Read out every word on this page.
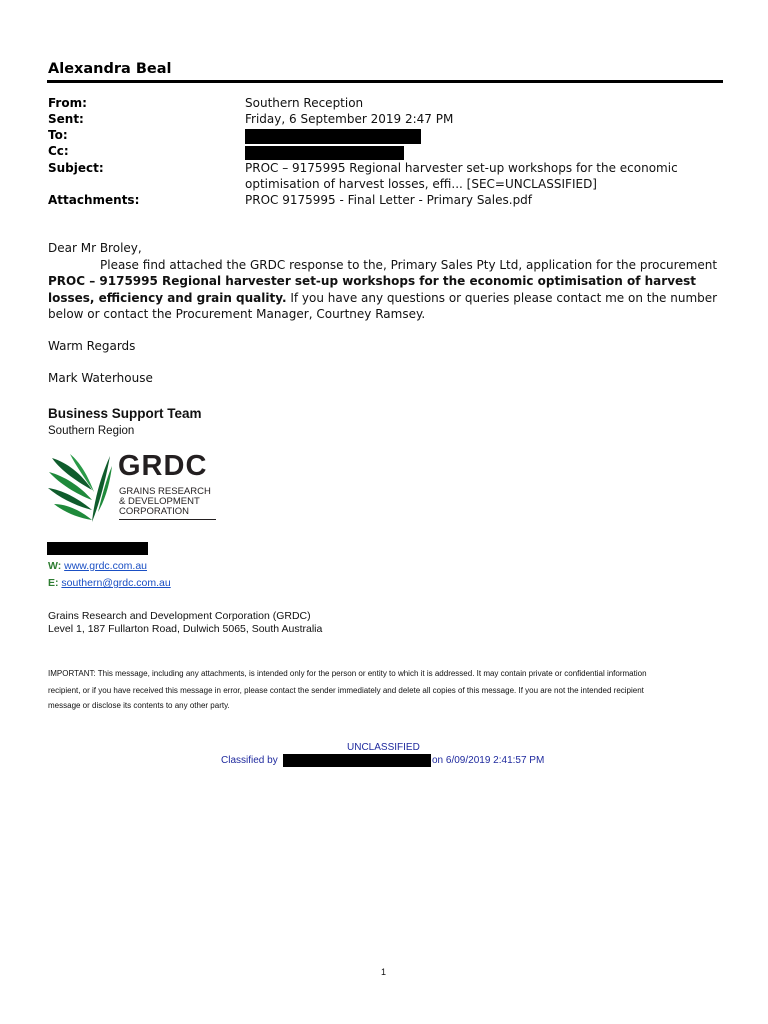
Alexandra Beal
From:	Southern Reception
Sent:	Friday, 6 September 2019 2:47 PM
To:
Cc:
Subject:	PROC – 9175995 Regional harvester set-up workshops for the economic
optimisation of harvest losses, effi... [SEC=UNCLASSIFIED]
Attachments:	PROC 9175995 - Final Letter - Primary Sales.pdf
Dear Mr Broley,
Please find attached the GRDC response to the, Primary Sales Pty Ltd, application for the procurement PROC – 9175995 Regional harvester set-up workshops for the economic optimisation of harvest losses, efficiency and grain quality. If you have any questions or queries please contact me on the number below or contact the Procurement Manager, Courtney Ramsey.
Warm Regards
Mark Waterhouse
Business Support Team
Southern Region
GRDC
GRAINS RESEARCH
& DEVELOPMENT
CORPORATION
W: www.grdc.com.au
E: southern@grdc.com.au
Grains Research and Development Corporation (GRDC)
Level 1, 187 Fullarton Road, Dulwich 5065, South Australia
IMPORTANT: This message, including any attachments, is intended only for the person or entity to which it is addressed. It may contain private or confidential information
recipient, or if you have received this message in error, please contact the sender immediately and delete all copies of this message. If you are not the intended recipient
message or disclose its contents to any other party.
UNCLASSIFIED
Classified by	on 6/09/2019 2:41:57 PM
1
